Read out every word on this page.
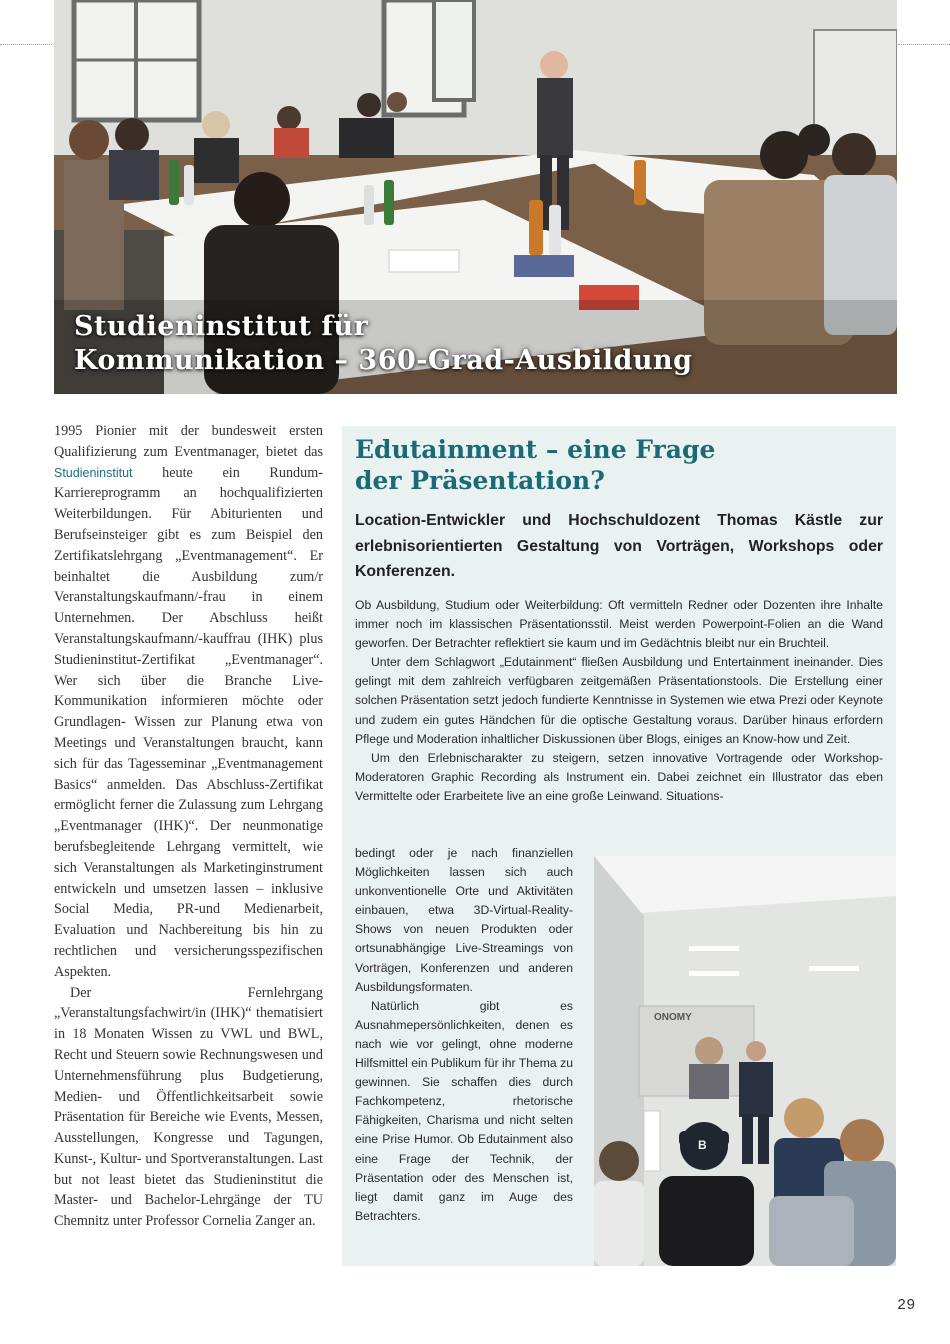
Studieninstitut für
Kommunikation – 360-Grad-Ausbildung

1995 Pionier mit der bundesweit ersten Qualifizierung zum Eventmanager, bietet das Studieninstitut heute ein Rundum-Karriereprogramm an hochqualifizierten Weiterbildungen. Für Abiturienten und Berufseinsteiger gibt es zum Beispiel den Zertifikatslehrgang „Eventmanagement“. Er beinhaltet die Ausbildung zum/r Veranstaltungskaufmann/-frau in einem Unternehmen. Der Abschluss heißt Veranstaltungskaufmann/-kauffrau (IHK) plus Studieninstitut-Zertifikat „Eventmanager“. Wer sich über die Branche Live-Kommunikation informieren möchte oder Grundlagen- Wissen zur Planung etwa von Meetings und Veranstaltungen braucht, kann sich für das Tagesseminar „Eventmanagement Basics“ anmelden. Das Abschluss-Zertifikat ermöglicht ferner die Zulassung zum Lehrgang „Eventmanager (IHK)“. Der neunmonatige berufsbegleitende Lehrgang vermittelt, wie sich Veranstaltungen als Marketinginstrument entwickeln und umsetzen lassen – inklusive Social Media, PR-und Medienarbeit, Evaluation und Nachbereitung bis hin zu rechtlichen und versicherungsspezifischen Aspekten.

Der Fernlehrgang „Veranstaltungsfachwirt/in (IHK)“ thematisiert in 18 Monaten Wissen zu VWL und BWL, Recht und Steuern sowie Rechnungswesen und Unternehmensführung plus Budgetierung, Medien- und Öffentlichkeitsarbeit sowie Präsentation für Bereiche wie Events, Messen, Ausstellungen, Kongresse und Tagungen, Kunst-, Kultur- und Sportveranstaltungen. Last but not least bietet das Studieninstitut die Master- und Bachelor-Lehrgänge der TU Chemnitz unter Professor Cornelia Zanger an.

Edutainment – eine Frage
der Präsentation?
Location-Entwickler und Hochschuldozent Thomas Kästle zur erlebnisorientierten Gestaltung von Vorträgen, Workshops oder Konferenzen.

Ob Ausbildung, Studium oder Weiterbildung: Oft vermitteln Redner oder Dozenten ihre Inhalte immer noch im klassischen Präsentationsstil. Meist werden Powerpoint-Folien an die Wand geworfen. Der Betrachter reflektiert sie kaum und im Gedächtnis bleibt nur ein Bruchteil.

Unter dem Schlagwort „Edutainment“ fließen Ausbildung und Entertainment ineinander. Dies gelingt mit dem zahlreich verfügbaren zeitgemäßen Präsentationstools. Die Erstellung einer solchen Präsentation setzt jedoch fundierte Kenntnisse in Systemen wie etwa Prezi oder Keynote und zudem ein gutes Händchen für die optische Gestaltung voraus. Darüber hinaus erfordern Pflege und Moderation inhaltlicher Diskussionen über Blogs, einiges an Know-how und Zeit.

Um den Erlebnischarakter zu steigern, setzen innovative Vortragende oder Workshop-Moderatoren Graphic Recording als Instrument ein. Dabei zeichnet ein Illustrator das eben Vermittelte oder Erarbeitete live an eine große Leinwand. Situations-

bedingt oder je nach finanziellen Möglichkeiten lassen sich auch unkonventionelle Orte und Aktivitäten einbauen, etwa 3D-Virtual-Reality-Shows von neuen Produkten oder ortsunabhängige Live-Streamings von Vorträgen, Konferenzen und anderen Ausbildungsformaten.

Natürlich gibt es Ausnahmepersönlichkeiten, denen es nach wie vor gelingt, ohne moderne Hilfsmittel ein Publikum für ihr Thema zu gewinnen. Sie schaffen dies durch Fachkompetenz, rhetorische Fähigkeiten, Charisma und nicht selten eine Prise Humor. Ob Edutainment also eine Frage der Technik, der Präsentation oder des Menschen ist, liegt damit ganz im Auge des Betrachters.

ONOMY
B
29
